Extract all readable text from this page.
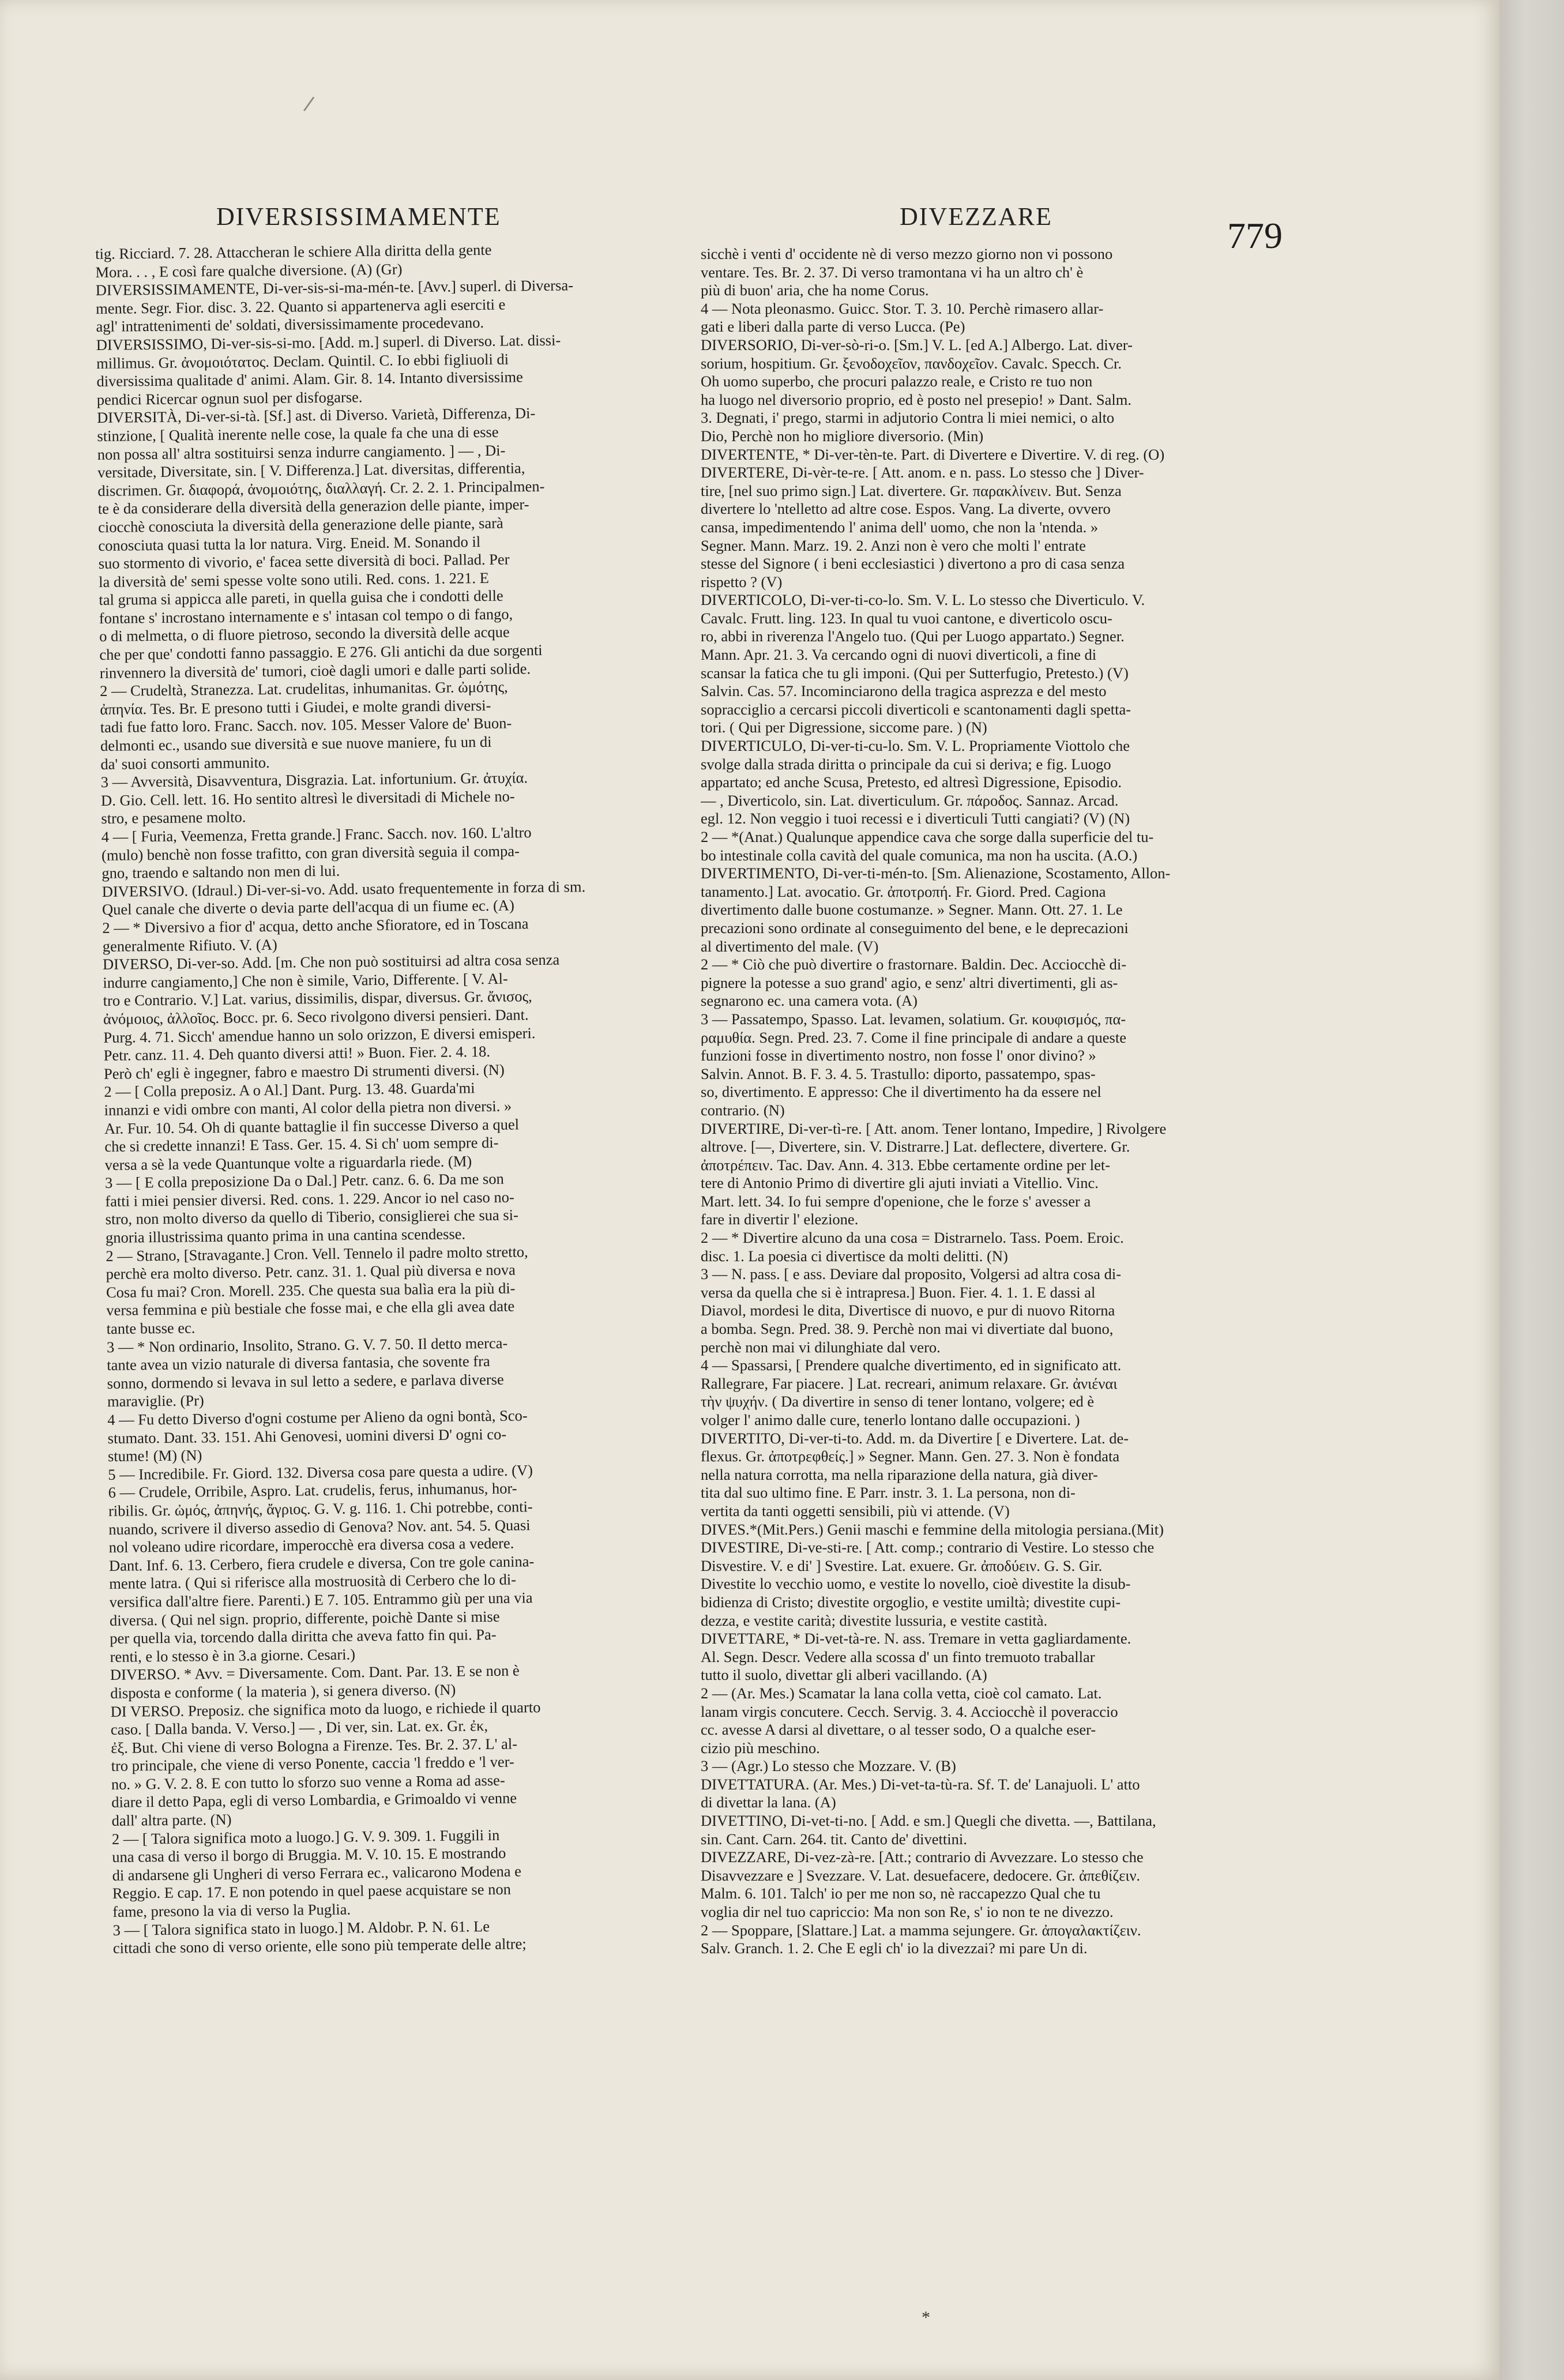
/
DIVERSISSIMAMENTE	DIVEZZARE	779
tig. Ricciard. 7. 28. Attaccheran le schiere Alla diritta della gente
Mora. . . , E così fare qualche diversione. (A) (Gr)
DIVERSISSIMAMENTE, Di-ver-sis-si-ma-mén-te. [Avv.] superl. di Diversa-
mente. Segr. Fior. disc. 3. 22. Quanto si appartenerva agli eserciti e
agl' intrattenimenti de' soldati, diversissimamente procedevano.
DIVERSISSIMO, Di-ver-sis-si-mo. [Add. m.] superl. di Diverso. Lat. dissi-
millimus. Gr. ἀνομοιότατος. Declam. Quintil. C. Io ebbi figliuoli di
diversissima qualitade d' animi. Alam. Gir. 8. 14. Intanto diversissime
pendici Ricercar ognun suol per disfogarse.
DIVERSITÀ, Di-ver-si-tà. [Sf.] ast. di Diverso. Varietà, Differenza, Di-
stinzione, [ Qualità inerente nelle cose, la quale fa che una di esse
non possa all' altra sostituirsi senza indurre cangiamento. ] — , Di-
versitade, Diversitate, sin. [ V. Differenza.] Lat. diversitas, differentia,
discrimen. Gr. διαφορά, ἀνομοιότης, διαλλαγή. Cr. 2. 2. 1. Principalmen-
te è da considerare della diversità della generazion delle piante, imper-
ciocchè conosciuta la diversità della generazione delle piante, sarà
conosciuta quasi tutta la lor natura. Virg. Eneid. M. Sonando il
suo stormento di vivorio, e' facea sette diversità di boci. Pallad. Per
la diversità de' semi spesse volte sono utili. Red. cons. 1. 221. E
tal gruma si appicca alle pareti, in quella guisa che i condotti delle
fontane s' incrostano internamente e s' intasan col tempo o di fango,
o di melmetta, o di fluore pietroso, secondo la diversità delle acque
che per que' condotti fanno passaggio. E 276. Gli antichi da due sorgenti
rinvennero la diversità de' tumori, cioè dagli umori e dalle parti solide.
2 — Crudeltà, Stranezza. Lat. crudelitas, inhumanitas. Gr. ὠμότης,
ἀπηνία. Tes. Br. E presono tutti i Giudei, e molte grandi diversi-
tadi fue fatto loro. Franc. Sacch. nov. 105. Messer Valore de' Buon-
delmonti ec., usando sue diversità e sue nuove maniere, fu un di
da' suoi consorti ammunito.
3 — Avversità, Disavventura, Disgrazia. Lat. infortunium. Gr. ἀτυχία.
D. Gio. Cell. lett. 16. Ho sentito altresì le diversitadi di Michele no-
stro, e pesamene molto.
4 — [ Furia, Veemenza, Fretta grande.] Franc. Sacch. nov. 160. L'altro
(mulo) benchè non fosse trafitto, con gran diversità seguia il compa-
gno, traendo e saltando non men di lui.
DIVERSIVO. (Idraul.) Di-ver-si-vo. Add. usato frequentemente in forza di sm.
Quel canale che diverte o devia parte dell'acqua di un fiume ec. (A)
2 — * Diversivo a fior d' acqua, detto anche Sfioratore, ed in Toscana
generalmente Rifiuto. V. (A)
DIVERSO, Di-ver-so. Add. [m. Che non può sostituirsi ad altra cosa senza
indurre cangiamento,] Che non è simile, Vario, Differente. [ V. Al-
tro e Contrario. V.] Lat. varius, dissimilis, dispar, diversus. Gr. ἄνισος,
ἀνόμοιος, ἀλλοῖος. Bocc. pr. 6. Seco rivolgono diversi pensieri. Dant.
Purg. 4. 71. Sicch' amendue hanno un solo orizzon, E diversi emisperi.
Petr. canz. 11. 4. Deh quanto diversi atti! » Buon. Fier. 2. 4. 18.
Però ch' egli è ingegner, fabro e maestro Di strumenti diversi. (N)
2 — [ Colla preposiz. A o Al.] Dant. Purg. 13. 48. Guarda'mi
innanzi e vidi ombre con manti, Al color della pietra non diversi. »
Ar. Fur. 10. 54. Oh di quante battaglie il fin successe Diverso a quel
che si credette innanzi! E Tass. Ger. 15. 4. Si ch' uom sempre di-
versa a sè la vede Quantunque volte a riguardarla riede. (M)
3 — [ E colla preposizione Da o Dal.] Petr. canz. 6. 6. Da me son
fatti i miei pensier diversi. Red. cons. 1. 229. Ancor io nel caso no-
stro, non molto diverso da quello di Tiberio, consiglierei che sua si-
gnoria illustrissima quanto prima in una cantina scendesse.
2 — Strano, [Stravagante.] Cron. Vell. Tennelo il padre molto stretto,
perchè era molto diverso. Petr. canz. 31. 1. Qual più diversa e nova
Cosa fu mai? Cron. Morell. 235. Che questa sua balìa era la più di-
versa femmina e più bestiale che fosse mai, e che ella gli avea date
tante busse ec.
3 — * Non ordinario, Insolito, Strano. G. V. 7. 50. Il detto merca-
tante avea un vizio naturale di diversa fantasia, che sovente fra
sonno, dormendo si levava in sul letto a sedere, e parlava diverse
maraviglie. (Pr)
4 — Fu detto Diverso d'ogni costume per Alieno da ogni bontà, Sco-
stumato. Dant. 33. 151. Ahi Genovesi, uomini diversi D' ogni co-
stume! (M) (N)
5 — Incredibile. Fr. Giord. 132. Diversa cosa pare questa a udire. (V)
6 — Crudele, Orribile, Aspro. Lat. crudelis, ferus, inhumanus, hor-
ribilis. Gr. ὠμός, ἀπηνής, ἄγριος. G. V. g. 116. 1. Chi potrebbe, conti-
nuando, scrivere il diverso assedio di Genova? Nov. ant. 54. 5. Quasi
nol voleano udire ricordare, imperocchè era diversa cosa a vedere.
Dant. Inf. 6. 13. Cerbero, fiera crudele e diversa, Con tre gole canina-
mente latra. ( Qui si riferisce alla mostruosità di Cerbero che lo di-
versifica dall'altre fiere. Parenti.) E 7. 105. Entrammo giù per una via
diversa. ( Qui nel sign. proprio, differente, poichè Dante si mise
per quella via, torcendo dalla diritta che aveva fatto fin qui. Pa-
renti, e lo stesso è in 3.a giorne. Cesari.)
DIVERSO. * Avv. = Diversamente. Com. Dant. Par. 13. E se non è
disposta e conforme ( la materia ), si genera diverso. (N)
DI VERSO. Preposiz. che significa moto da luogo, e richiede il quarto
caso. [ Dalla banda. V. Verso.] — , Di ver, sin. Lat. ex. Gr. ἐκ,
ἐξ. But. Chi viene di verso Bologna a Firenze. Tes. Br. 2. 37. L' al-
tro principale, che viene di verso Ponente, caccia 'l freddo e 'l ver-
no. » G. V. 2. 8. E con tutto lo sforzo suo venne a Roma ad asse-
diare il detto Papa, egli di verso Lombardia, e Grimoaldo vi venne
dall' altra parte. (N)
2 — [ Talora significa moto a luogo.] G. V. 9. 309. 1. Fuggili in
una casa di verso il borgo di Bruggia. M. V. 10. 15. E mostrando
di andarsene gli Ungheri di verso Ferrara ec., valicarono Modena e
Reggio. E cap. 17. E non potendo in quel paese acquistare se non
fame, presono la via di verso la Puglia.
3 — [ Talora significa stato in luogo.] M. Aldobr. P. N. 61. Le
cittadi che sono di verso oriente, elle sono più temperate delle altre;
sicchè i venti d' occidente nè di verso mezzo giorno non vi possono
ventare. Tes. Br. 2. 37. Di verso tramontana vi ha un altro ch' è
più di buon' aria, che ha nome Corus.
4 — Nota pleonasmo. Guicc. Stor. T. 3. 10. Perchè rimasero allar-
gati e liberi dalla parte di verso Lucca. (Pe)
DIVERSORIO, Di-ver-sò-ri-o. [Sm.] V. L. [ed A.] Albergo. Lat. diver-
sorium, hospitium. Gr. ξενοδοχεῖον, πανδοχεῖον. Cavalc. Specch. Cr.
Oh uomo superbo, che procuri palazzo reale, e Cristo re tuo non
ha luogo nel diversorio proprio, ed è posto nel presepio! » Dant. Salm.
3. Degnati, i' prego, starmi in adjutorio Contra li miei nemici, o alto
Dio, Perchè non ho migliore diversorio. (Min)
DIVERTENTE, * Di-ver-tèn-te. Part. di Divertere e Divertire. V. di reg. (O)
DIVERTERE, Di-vèr-te-re. [ Att. anom. e n. pass. Lo stesso che ] Diver-
tire, [nel suo primo sign.] Lat. divertere. Gr. παρακλίνειν. But. Senza
divertere lo 'ntelletto ad altre cose. Espos. Vang. La diverte, ovvero
cansa, impedimentendo l' anima dell' uomo, che non la 'ntenda. »
Segner. Mann. Marz. 19. 2. Anzi non è vero che molti l' entrate
stesse del Signore ( i beni ecclesiastici ) divertono a pro di casa senza
rispetto ? (V)
DIVERTICOLO, Di-ver-ti-co-lo. Sm. V. L. Lo stesso che Diverticulo. V.
Cavalc. Frutt. ling. 123. In qual tu vuoi cantone, e diverticolo oscu-
ro, abbi in riverenza l'Angelo tuo. (Qui per Luogo appartato.) Segner.
Mann. Apr. 21. 3. Va cercando ogni di nuovi diverticoli, a fine di
scansar la fatica che tu gli imponi. (Qui per Sutterfugio, Pretesto.) (V)
Salvin. Cas. 57. Incominciarono della tragica asprezza e del mesto
sopracciglio a cercarsi piccoli diverticoli e scantonamenti dagli spetta-
tori. ( Qui per Digressione, siccome pare. ) (N)
DIVERTICULO, Di-ver-ti-cu-lo. Sm. V. L. Propriamente Viottolo che
svolge dalla strada diritta o principale da cui si deriva; e fig. Luogo
appartato; ed anche Scusa, Pretesto, ed altresì Digressione, Episodio.
— , Diverticolo, sin. Lat. diverticulum. Gr. πάροδος. Sannaz. Arcad.
egl. 12. Non veggio i tuoi recessi e i diverticuli Tutti cangiati? (V) (N)
2 — *(Anat.) Qualunque appendice cava che sorge dalla superficie del tu-
bo intestinale colla cavità del quale comunica, ma non ha uscita. (A.O.)
DIVERTIMENTO, Di-ver-ti-mén-to. [Sm. Alienazione, Scostamento, Allon-
tanamento.] Lat. avocatio. Gr. ἀποτροπή. Fr. Giord. Pred. Cagiona
divertimento dalle buone costumanze. » Segner. Mann. Ott. 27. 1. Le
precazioni sono ordinate al conseguimento del bene, e le deprecazioni
al divertimento del male. (V)
2 — * Ciò che può divertire o frastornare. Baldin. Dec. Acciocchè di-
pignere la potesse a suo grand' agio, e senz' altri divertimenti, gli as-
segnarono ec. una camera vota. (A)
3 — Passatempo, Spasso. Lat. levamen, solatium. Gr. κουφισμός, πα-
ραμυθία. Segn. Pred. 23. 7. Come il fine principale di andare a queste
funzioni fosse in divertimento nostro, non fosse l' onor divino? »
Salvin. Annot. B. F. 3. 4. 5. Trastullo: diporto, passatempo, spas-
so, divertimento. E appresso: Che il divertimento ha da essere nel
contrario. (N)
DIVERTIRE, Di-ver-tì-re. [ Att. anom. Tener lontano, Impedire, ] Rivolgere
altrove. [—, Divertere, sin. V. Distrarre.] Lat. deflectere, divertere. Gr.
ἀποτρέπειν. Tac. Dav. Ann. 4. 313. Ebbe certamente ordine per let-
tere di Antonio Primo di divertire gli ajuti inviati a Vitellio. Vinc.
Mart. lett. 34. Io fui sempre d'openione, che le forze s' avesser a
fare in divertir l' elezione.
2 — * Divertire alcuno da una cosa = Distrarnelo. Tass. Poem. Eroic.
disc. 1. La poesia ci divertisce da molti delitti. (N)
3 — N. pass. [ e ass. Deviare dal proposito, Volgersi ad altra cosa di-
versa da quella che si è intrapresa.] Buon. Fier. 4. 1. 1. E dassi al
Diavol, mordesi le dita, Divertisce di nuovo, e pur di nuovo Ritorna
a bomba. Segn. Pred. 38. 9. Perchè non mai vi divertiate dal buono,
perchè non mai vi dilunghiate dal vero.
4 — Spassarsi, [ Prendere qualche divertimento, ed in significato att.
Rallegrare, Far piacere. ] Lat. recreari, animum relaxare. Gr. ἀνιέναι
τὴν ψυχήν. ( Da divertire in senso di tener lontano, volgere; ed è
volger l' animo dalle cure, tenerlo lontano dalle occupazioni. )
DIVERTITO, Di-ver-ti-to. Add. m. da Divertire [ e Divertere. Lat. de-
flexus. Gr. ἀποτρεφθείς.] » Segner. Mann. Gen. 27. 3. Non è fondata
nella natura corrotta, ma nella riparazione della natura, già diver-
tita dal suo ultimo fine. E Parr. instr. 3. 1. La persona, non di-
vertita da tanti oggetti sensibili, più vi attende. (V)
DIVES.*(Mit.Pers.) Genii maschi e femmine della mitologia persiana.(Mit)
DIVESTIRE, Di-ve-sti-re. [ Att. comp.; contrario di Vestire. Lo stesso che
Disvestire. V. e di' ] Svestire. Lat. exuere. Gr. ἀποδύειν. G. S. Gir.
Divestite lo vecchio uomo, e vestite lo novello, cioè divestite la disub-
bidienza di Cristo; divestite orgoglio, e vestite umiltà; divestite cupi-
dezza, e vestite carità; divestite lussuria, e vestite castità.
DIVETTARE, * Di-vet-tà-re. N. ass. Tremare in vetta gagliardamente.
Al. Segn. Descr. Vedere alla scossa d' un finto tremuoto traballar
tutto il suolo, divettar gli alberi vacillando. (A)
2 — (Ar. Mes.) Scamatar la lana colla vetta, cioè col camato. Lat.
lanam virgis concutere. Cecch. Servig. 3. 4. Acciocchè il poveraccio
cc. avesse A darsi al divettare, o al tesser sodo, O a qualche eser-
cizio più meschino.
3 — (Agr.) Lo stesso che Mozzare. V. (B)
DIVETTATURA. (Ar. Mes.) Di-vet-ta-tù-ra. Sf. T. de' Lanajuoli. L' atto
di divettar la lana. (A)
DIVETTINO, Di-vet-ti-no. [ Add. e sm.] Quegli che divetta. —, Battilana,
sin. Cant. Carn. 264. tit. Canto de' divettini.
DIVEZZARE, Di-vez-zà-re. [Att.; contrario di Avvezzare. Lo stesso che
Disavvezzare e ] Svezzare. V. Lat. desuefacere, dedocere. Gr. ἀπεθίζειν.
Malm. 6. 101. Talch' io per me non so, nè raccapezzo Qual che tu
voglia dir nel tuo capriccio: Ma non son Re, s' io non te ne divezzo.
2 — Spoppare, [Slattare.] Lat. a mamma sejungere. Gr. ἀπογαλακτίζειν.
Salv. Granch. 1. 2. Che E egli ch' io la divezzai? mi pare Un di.
*
